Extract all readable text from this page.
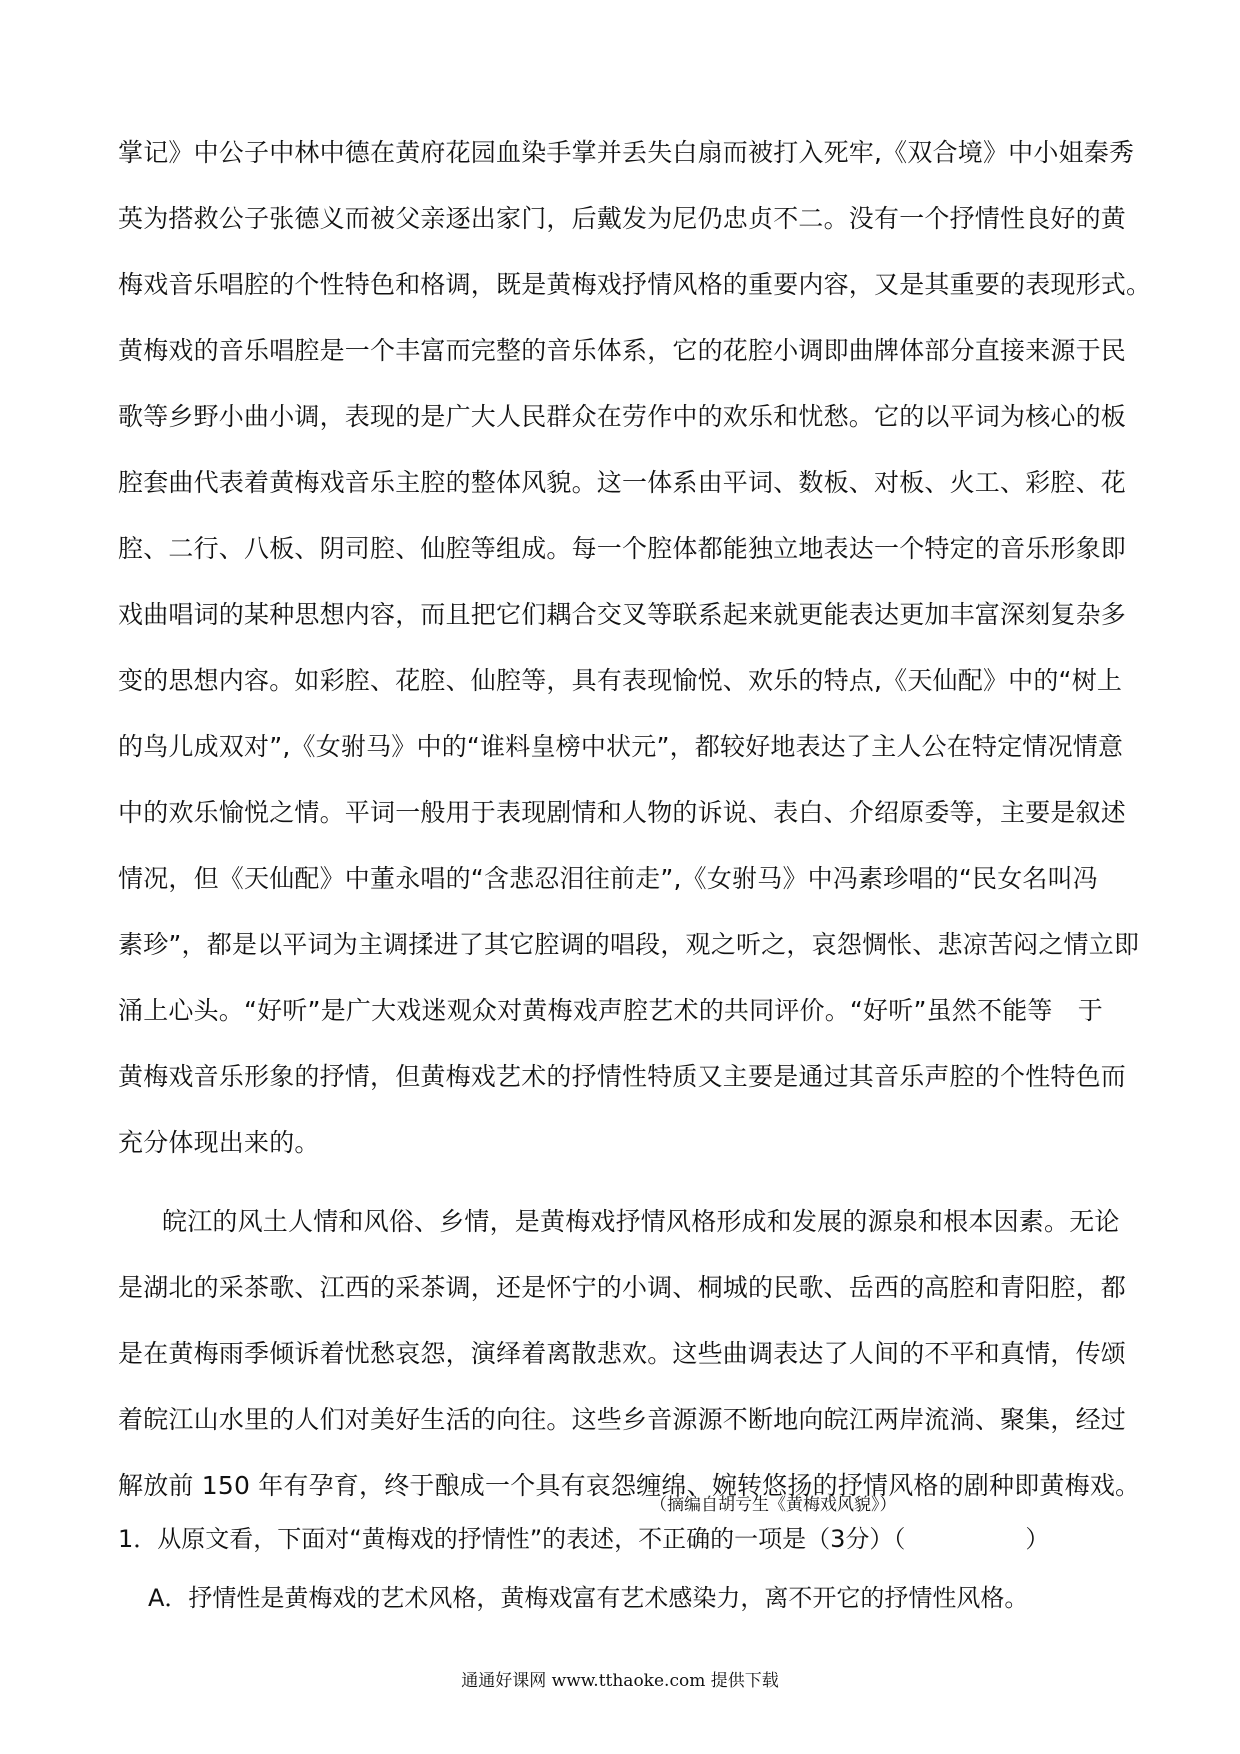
掌记》中公子中林中德在黄府花园血染手掌并丢失白扇而被打入死牢,《双合境》中小姐秦秀
英为搭救公子张德义而被父亲逐出家门，后戴发为尼仍忠贞不二。没有一个抒情性良好的黄
梅戏音乐唱腔的个性特色和格调，既是黄梅戏抒情风格的重要内容，又是其重要的表现形式。
黄梅戏的音乐唱腔是一个丰富而完整的音乐体系，它的花腔小调即曲牌体部分直接来源于民
歌等乡野小曲小调，表现的是广大人民群众在劳作中的欢乐和忧愁。它的以平词为核心的板
腔套曲代表着黄梅戏音乐主腔的整体风貌。这一体系由平词、数板、对板、火工、彩腔、花
腔、二行、八板、阴司腔、仙腔等组成。每一个腔体都能独立地表达一个特定的音乐形象即
戏曲唱词的某种思想内容，而且把它们耦合交叉等联系起来就更能表达更加丰富深刻复杂多
变的思想内容。如彩腔、花腔、仙腔等，具有表现愉悦、欢乐的特点,《天仙配》中的“树上
的鸟儿成双对”,《女驸马》中的“谁料皇榜中状元”，都较好地表达了主人公在特定情况情意
中的欢乐愉悦之情。平词一般用于表现剧情和人物的诉说、表白、介绍原委等，主要是叙述
情况，但《天仙配》中董永唱的“含悲忍泪往前走”,《女驸马》中冯素珍唱的“民女名叫冯
素珍”，都是以平词为主调揉进了其它腔调的唱段，观之听之，哀怨惆怅、悲凉苦闷之情立即
涌上心头。“好听”是广大戏迷观众对黄梅戏声腔艺术的共同评价。“好听”虽然不能等　于
黄梅戏音乐形象的抒情，但黄梅戏艺术的抒情性特质又主要是通过其音乐声腔的个性特色而
充分体现出来的。
皖江的风土人情和风俗、乡情，是黄梅戏抒情风格形成和发展的源泉和根本因素。无论
是湖北的采茶歌、江西的采茶调，还是怀宁的小调、桐城的民歌、岳西的高腔和青阳腔，都
是在黄梅雨季倾诉着忧愁哀怨，演绎着离散悲欢。这些曲调表达了人间的不平和真情，传颂
着皖江山水里的人们对美好生活的向往。这些乡音源源不断地向皖江两岸流淌、聚集，经过
解放前 150 年有孕育，终于酿成一个具有哀怨缠绵、婉转悠扬的抒情风格的剧种即黄梅戏。
（摘编自胡亏生《黄梅戏风貌》）
1．从原文看，下面对“黄梅戏的抒情性”的表述，不正确的一项是（3分）（　　　　　）
A．抒情性是黄梅戏的艺术风格，黄梅戏富有艺术感染力，离不开它的抒情性风格。
通通好课网 www.tthaoke.com 提供下载
